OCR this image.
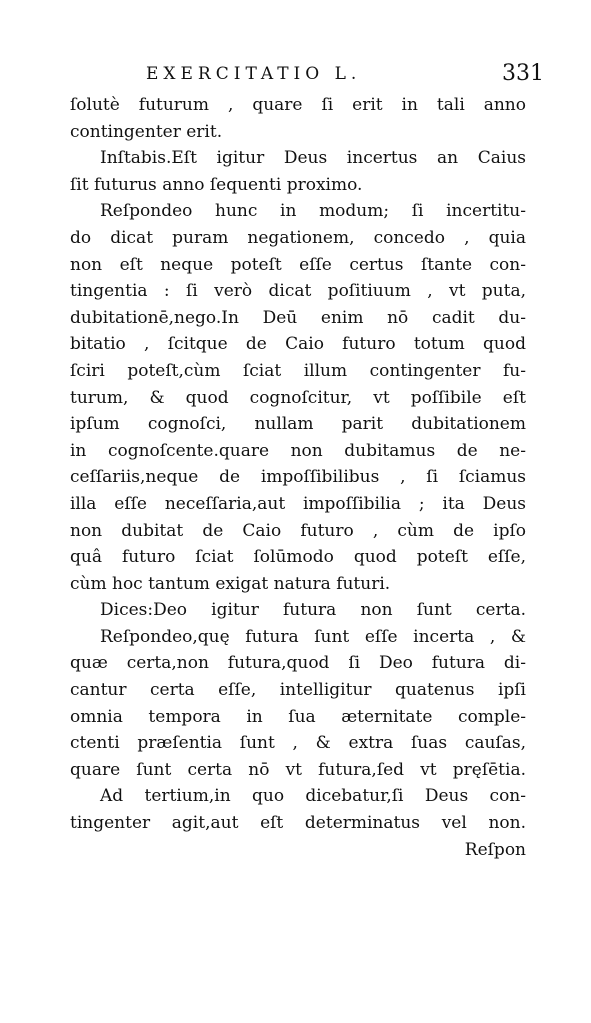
EXERCITATIO L.	331
ſolutè futurum , quare ſi erit in tali anno
contingenter erit.
Inſtabis.Eſt igitur Deus incertus an Caius
ſit futurus anno ſequenti proximo.
Reſpondeo hunc in modum; ſi incertitu-
do dicat puram negationem, concedo , quia
non eſt neque poteſt eſſe certus ſtante con-
tingentia : ſi verò dicat poſitiuum , vt puta,
dubitationē,nego.In Deū enim nō cadit du-
bitatio , ſcitque de Caio futuro totum quod
ſciri poteſt,cùm ſciat illum contingenter fu-
turum, & quod cognoſcitur, vt poſſibile eſt
ipſum cognoſci, nullam parit dubitationem
in cognoſcente.quare non dubitamus de ne-
ceſſariis,neque de impoſſibilibus , ſi ſciamus
illa eſſe neceſſaria,aut impoſſibilia ; ita Deus
non dubitat de Caio futuro , cùm de ipſo
quâ futuro ſciat ſolūmodo quod poteſt eſſe,
cùm hoc tantum exigat natura futuri.
Dices:Deo igitur futura non ſunt certa.
Reſpondeo,quę futura ſunt eſſe incerta , &
quæ certa,non futura,quod ſi Deo futura di-
cantur certa eſſe, intelligitur quatenus ipſi
omnia tempora in ſua æternitate comple-
ctenti præſentia ſunt , & extra ſuas cauſas,
quare ſunt certa nō vt futura,ſed vt pręſētia.
Ad tertium,in quo dicebatur,ſi Deus con-
tingenter agit,aut eſt determinatus vel non.
Reſpon
